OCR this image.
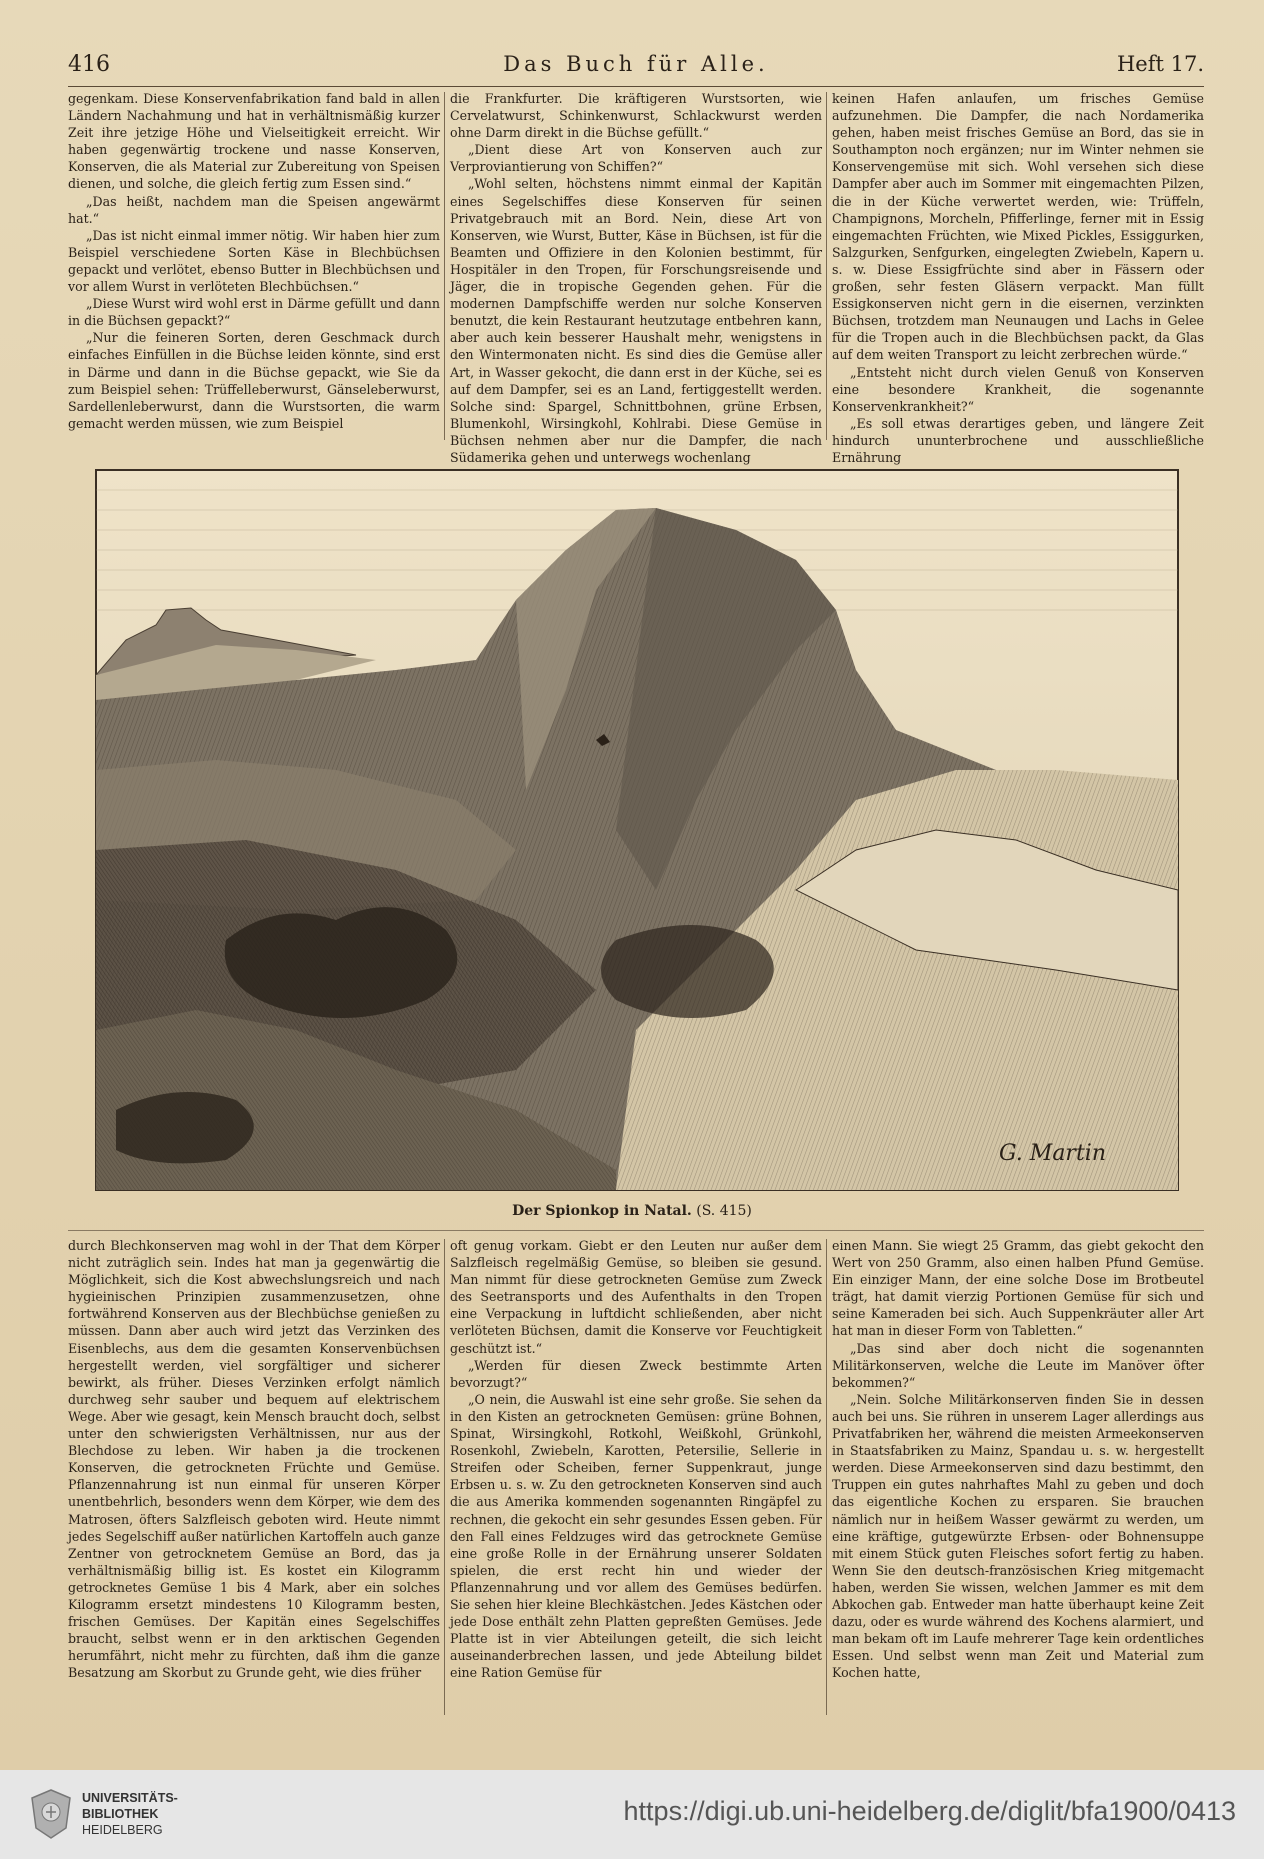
416	Das Buch für Alle.	Heft 17.

gegenkam. Diese Konservenfabrikation fand bald in allen Ländern Nachahmung und hat in verhältnismäßig kurzer Zeit ihre jetzige Höhe und Vielseitigkeit erreicht. Wir haben gegenwärtig trockene und nasse Konserven, Konserven, die als Material zur Zubereitung von Speisen dienen, und solche, die gleich fertig zum Essen sind.“

„Das heißt, nachdem man die Speisen angewärmt hat.“

„Das ist nicht einmal immer nötig. Wir haben hier zum Beispiel verschiedene Sorten Käse in Blechbüchsen gepackt und verlötet, ebenso Butter in Blechbüchsen und vor allem Wurst in verlöteten Blechbüchsen.“

„Diese Wurst wird wohl erst in Därme gefüllt und dann in die Büchsen gepackt?“

„Nur die feineren Sorten, deren Geschmack durch einfaches Einfüllen in die Büchse leiden könnte, sind erst in Därme und dann in die Büchse gepackt, wie Sie da zum Beispiel sehen: Trüffelleberwurst, Gänseleberwurst, Sardellenleberwurst, dann die Wurstsorten, die warm gemacht werden müssen, wie zum Beispiel

die Frankfurter. Die kräftigeren Wurstsorten, wie Cervelatwurst, Schinkenwurst, Schlackwurst werden ohne Darm direkt in die Büchse gefüllt.“

„Dient diese Art von Konserven auch zur Verproviantierung von Schiffen?“

„Wohl selten, höchstens nimmt einmal der Kapitän eines Segelschiffes diese Konserven für seinen Privatgebrauch mit an Bord. Nein, diese Art von Konserven, wie Wurst, Butter, Käse in Büchsen, ist für die Beamten und Offiziere in den Kolonien bestimmt, für Hospitäler in den Tropen, für Forschungsreisende und Jäger, die in tropische Gegenden gehen. Für die modernen Dampfschiffe werden nur solche Konserven benutzt, die kein Restaurant heutzutage entbehren kann, aber auch kein besserer Haushalt mehr, wenigstens in den Wintermonaten nicht. Es sind dies die Gemüse aller Art, in Wasser gekocht, die dann erst in der Küche, sei es auf dem Dampfer, sei es an Land, fertiggestellt werden. Solche sind: Spargel, Schnittbohnen, grüne Erbsen, Blumenkohl, Wirsingkohl, Kohlrabi. Diese Gemüse in Büchsen nehmen aber nur die Dampfer, die nach Südamerika gehen und unterwegs wochenlang

keinen Hafen anlaufen, um frisches Gemüse aufzunehmen. Die Dampfer, die nach Nordamerika gehen, haben meist frisches Gemüse an Bord, das sie in Southampton noch ergänzen; nur im Winter nehmen sie Konservengemüse mit sich. Wohl versehen sich diese Dampfer aber auch im Sommer mit eingemachten Pilzen, die in der Küche verwertet werden, wie: Trüffeln, Champignons, Morcheln, Pfifferlinge, ferner mit in Essig eingemachten Früchten, wie Mixed Pickles, Essiggurken, Salzgurken, Senfgurken, eingelegten Zwiebeln, Kapern u. s. w. Diese Essigfrüchte sind aber in Fässern oder großen, sehr festen Gläsern verpackt. Man füllt Essigkonserven nicht gern in die eisernen, verzinkten Büchsen, trotzdem man Neunaugen und Lachs in Gelee für die Tropen auch in die Blechbüchsen packt, da Glas auf dem weiten Transport zu leicht zerbrechen würde.“

„Entsteht nicht durch vielen Genuß von Konserven eine besondere Krankheit, die sogenannte Konservenkrankheit?“

„Es soll etwas derartiges geben, und längere Zeit hindurch ununterbrochene und ausschließliche Ernährung

G. Martin
Der Spionkop in Natal. (S. 415)

durch Blechkonserven mag wohl in der That dem Körper nicht zuträglich sein. Indes hat man ja gegenwärtig die Möglichkeit, sich die Kost abwechslungsreich und nach hygieinischen Prinzipien zusammenzusetzen, ohne fortwährend Konserven aus der Blechbüchse genießen zu müssen. Dann aber auch wird jetzt das Verzinken des Eisenblechs, aus dem die gesamten Konservenbüchsen hergestellt werden, viel sorgfältiger und sicherer bewirkt, als früher. Dieses Verzinken erfolgt nämlich durchweg sehr sauber und bequem auf elektrischem Wege. Aber wie gesagt, kein Mensch braucht doch, selbst unter den schwierigsten Verhältnissen, nur aus der Blechdose zu leben. Wir haben ja die trockenen Konserven, die getrockneten Früchte und Gemüse. Pflanzennahrung ist nun einmal für unseren Körper unentbehrlich, besonders wenn dem Körper, wie dem des Matrosen, öfters Salzfleisch geboten wird. Heute nimmt jedes Segelschiff außer natürlichen Kartoffeln auch ganze Zentner von getrocknetem Gemüse an Bord, das ja verhältnismäßig billig ist. Es kostet ein Kilogramm getrocknetes Gemüse 1 bis 4 Mark, aber ein solches Kilogramm ersetzt mindestens 10 Kilogramm besten, frischen Gemüses. Der Kapitän eines Segelschiffes braucht, selbst wenn er in den arktischen Gegenden herumfährt, nicht mehr zu fürchten, daß ihm die ganze Besatzung am Skorbut zu Grunde geht, wie dies früher

oft genug vorkam. Giebt er den Leuten nur außer dem Salzfleisch regelmäßig Gemüse, so bleiben sie gesund. Man nimmt für diese getrockneten Gemüse zum Zweck des Seetransports und des Aufenthalts in den Tropen eine Verpackung in luftdicht schließenden, aber nicht verlöteten Büchsen, damit die Konserve vor Feuchtigkeit geschützt ist.“

„Werden für diesen Zweck bestimmte Arten bevorzugt?“

„O nein, die Auswahl ist eine sehr große. Sie sehen da in den Kisten an getrockneten Gemüsen: grüne Bohnen, Spinat, Wirsingkohl, Rotkohl, Weißkohl, Grünkohl, Rosenkohl, Zwiebeln, Karotten, Petersilie, Sellerie in Streifen oder Scheiben, ferner Suppenkraut, junge Erbsen u. s. w. Zu den getrockneten Konserven sind auch die aus Amerika kommenden sogenannten Ringäpfel zu rechnen, die gekocht ein sehr gesundes Essen geben. Für den Fall eines Feldzuges wird das getrocknete Gemüse eine große Rolle in der Ernährung unserer Soldaten spielen, die erst recht hin und wieder der Pflanzennahrung und vor allem des Gemüses bedürfen. Sie sehen hier kleine Blechkästchen. Jedes Kästchen oder jede Dose enthält zehn Platten gepreßten Gemüses. Jede Platte ist in vier Abteilungen geteilt, die sich leicht auseinanderbrechen lassen, und jede Abteilung bildet eine Ration Gemüse für

einen Mann. Sie wiegt 25 Gramm, das giebt gekocht den Wert von 250 Gramm, also einen halben Pfund Gemüse. Ein einziger Mann, der eine solche Dose im Brotbeutel trägt, hat damit vierzig Portionen Gemüse für sich und seine Kameraden bei sich. Auch Suppenkräuter aller Art hat man in dieser Form von Tabletten.“

„Das sind aber doch nicht die sogenannten Militärkonserven, welche die Leute im Manöver öfter bekommen?“

„Nein. Solche Militärkonserven finden Sie in dessen auch bei uns. Sie rühren in unserem Lager allerdings aus Privatfabriken her, während die meisten Armeekonserven in Staatsfabriken zu Mainz, Spandau u. s. w. hergestellt werden. Diese Armeekonserven sind dazu bestimmt, den Truppen ein gutes nahrhaftes Mahl zu geben und doch das eigentliche Kochen zu ersparen. Sie brauchen nämlich nur in heißem Wasser gewärmt zu werden, um eine kräftige, gutgewürzte Erbsen- oder Bohnensuppe mit einem Stück guten Fleisches sofort fertig zu haben. Wenn Sie den deutsch-französischen Krieg mitgemacht haben, werden Sie wissen, welchen Jammer es mit dem Abkochen gab. Entweder man hatte überhaupt keine Zeit dazu, oder es wurde während des Kochens alarmiert, und man bekam oft im Laufe mehrerer Tage kein ordentliches Essen. Und selbst wenn man Zeit und Material zum Kochen hatte,

UNIVERSITÄTS-
BIBLIOTHEK
HEIDELBERG
https://digi.ub.uni-heidelberg.de/diglit/bfa1900/0413
